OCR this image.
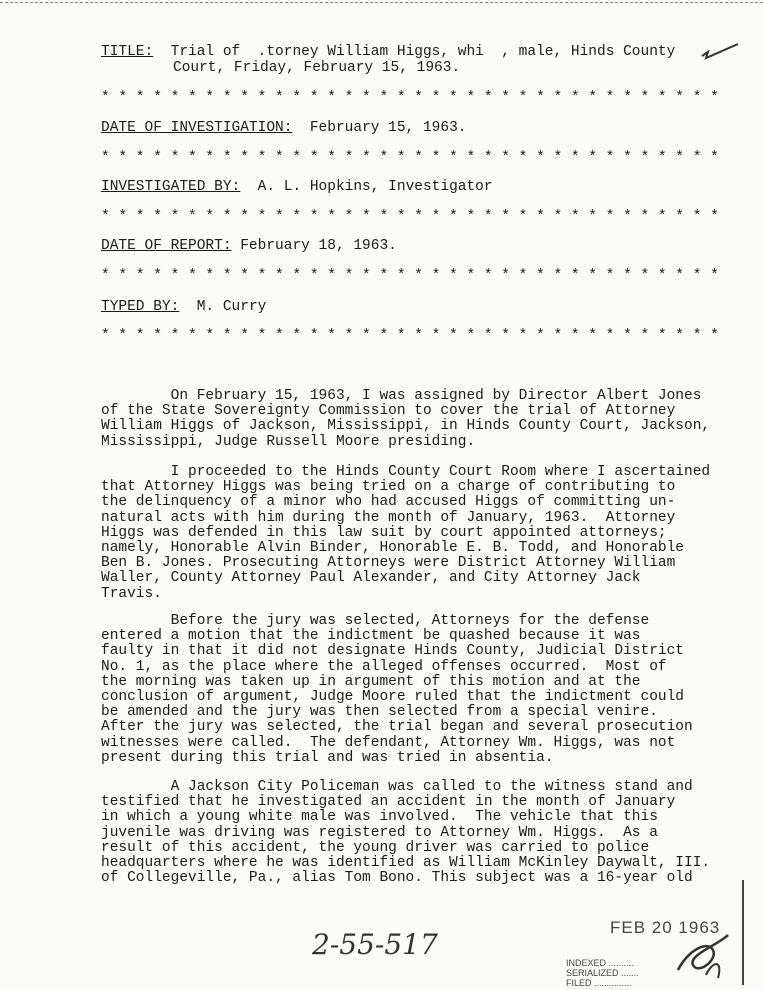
TITLE: Trial of  .torney William Higgs, whi  , male, Hinds County
Court, Friday, February 15, 1963.
* * * * * * * * * * * * * * * * * * * * * * * * * * * * * * * * * * * *
DATE OF INVESTIGATION: February 15, 1963.
* * * * * * * * * * * * * * * * * * * * * * * * * * * * * * * * * * * *
INVESTIGATED BY: A. L. Hopkins, Investigator
* * * * * * * * * * * * * * * * * * * * * * * * * * * * * * * * * * * *
DATE OF REPORT: February 18, 1963.
* * * * * * * * * * * * * * * * * * * * * * * * * * * * * * * * * * * *
TYPED BY: M. Curry
* * * * * * * * * * * * * * * * * * * * * * * * * * * * * * * * * * * *
On February 15, 1963, I was assigned by Director Albert Jones
of the State Sovereignty Commission to cover the trial of Attorney
William Higgs of Jackson, Mississippi, in Hinds County Court, Jackson,
Mississippi, Judge Russell Moore presiding.
I proceeded to the Hinds County Court Room where I ascertained
that Attorney Higgs was being tried on a charge of contributing to
the delinquency of a minor who had accused Higgs of committing un-
natural acts with him during the month of January, 1963.  Attorney
Higgs was defended in this law suit by court appointed attorneys;
namely, Honorable Alvin Binder, Honorable E. B. Todd, and Honorable
Ben B. Jones. Prosecuting Attorneys were District Attorney William
Waller, County Attorney Paul Alexander, and City Attorney Jack
Travis.
Before the jury was selected, Attorneys for the defense
entered a motion that the indictment be quashed because it was
faulty in that it did not designate Hinds County, Judicial District
No. 1, as the place where the alleged offenses occurred.  Most of
the morning was taken up in argument of this motion and at the
conclusion of argument, Judge Moore ruled that the indictment could
be amended and the jury was then selected from a special venire.
After the jury was selected, the trial began and several prosecution
witnesses were called.  The defendant, Attorney Wm. Higgs, was not
present during this trial and was tried in absentia.
A Jackson City Policeman was called to the witness stand and
testified that he investigated an accident in the month of January
in which a young white male was involved.  The vehicle that this
juvenile was driving was registered to Attorney Wm. Higgs.  As a
result of this accident, the young driver was carried to police
headquarters where he was identified as William McKinley Daywalt, III.
of Collegeville, Pa., alias Tom Bono. This subject was a 16-year old
2-55-517
FEB 20 1963
INDEXED ..........
SERIALIZED .......
FILED ...............
